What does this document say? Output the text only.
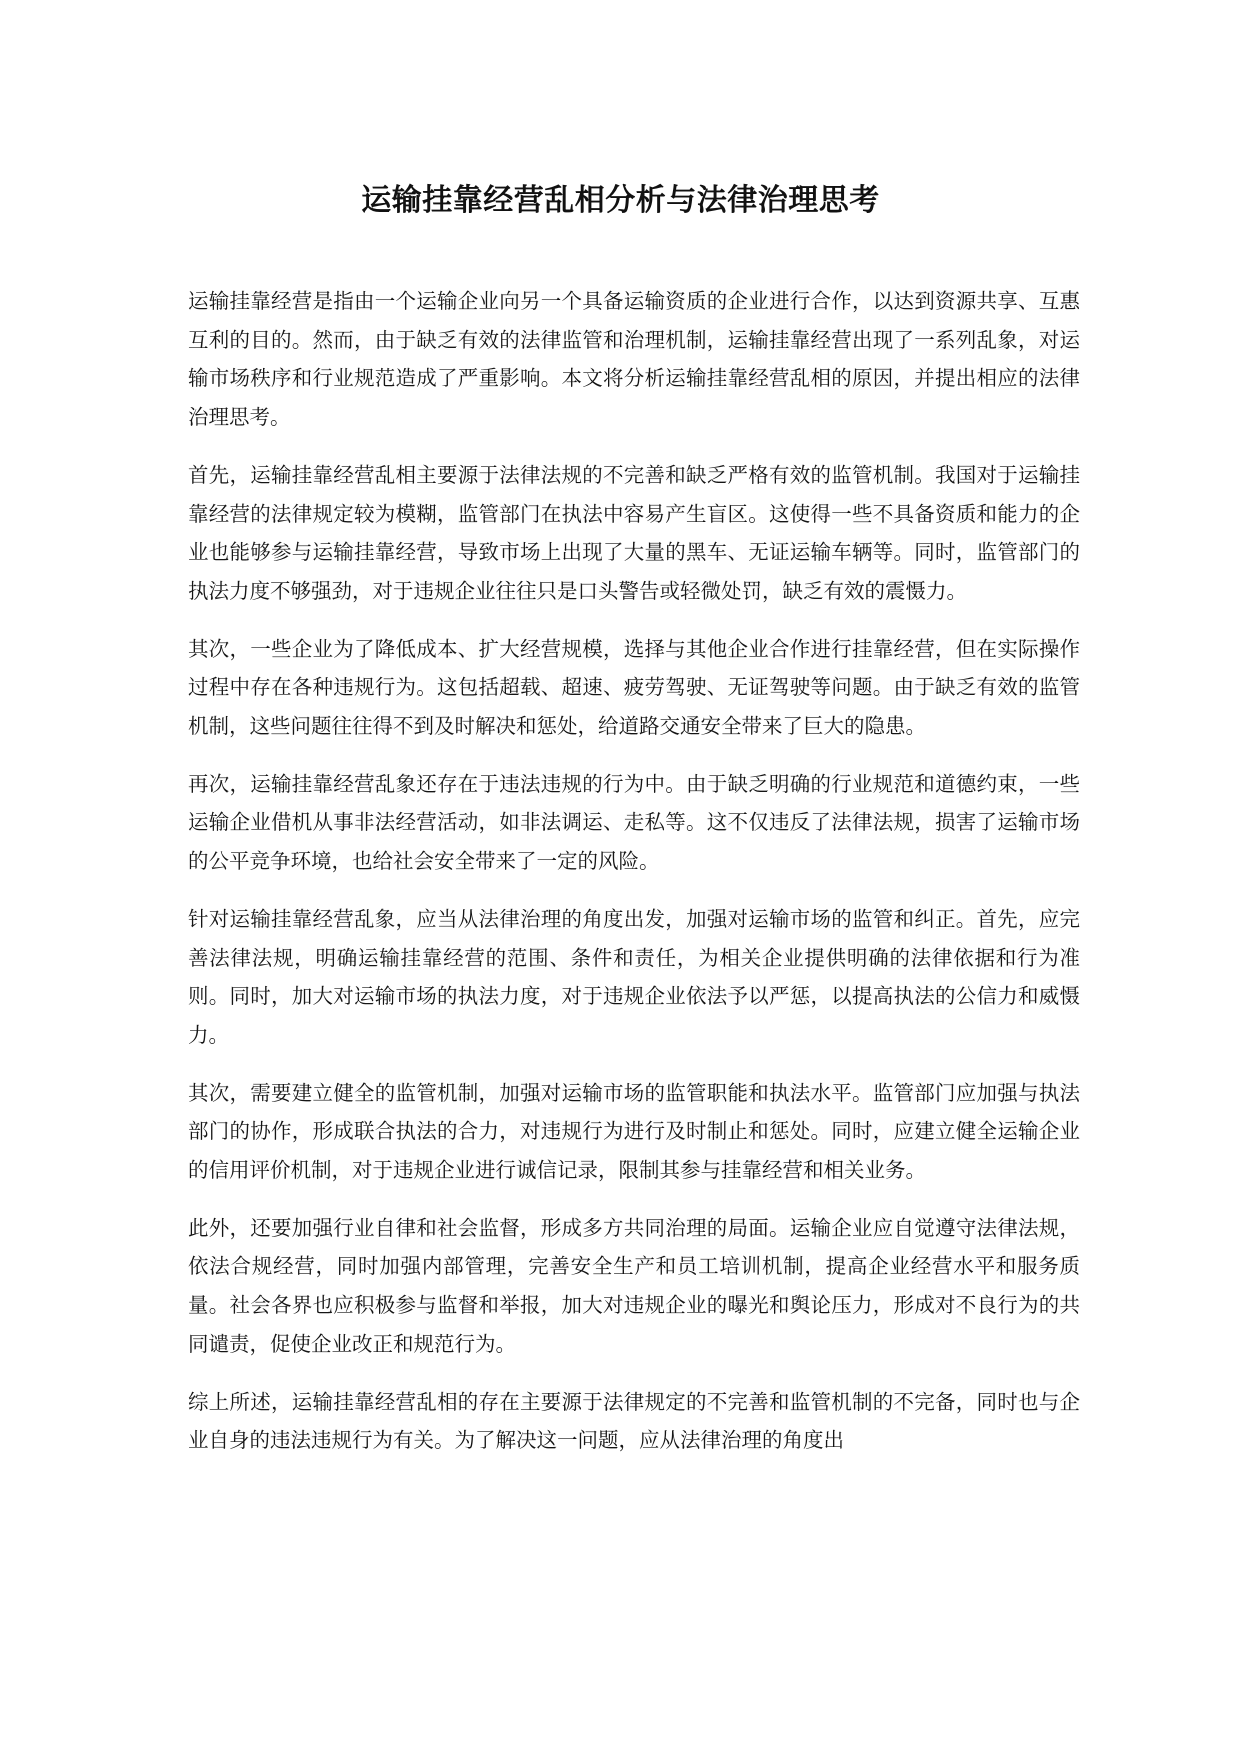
运输挂靠经营乱相分析与法律治理思考

运输挂靠经营是指由一个运输企业向另一个具备运输资质的企业进行合作，以达到资源共享、互惠互利的目的。然而，由于缺乏有效的法律监管和治理机制，运输挂靠经营出现了一系列乱象，对运输市场秩序和行业规范造成了严重影响。本文将分析运输挂靠经营乱相的原因，并提出相应的法律治理思考。

首先，运输挂靠经营乱相主要源于法律法规的不完善和缺乏严格有效的监管机制。我国对于运输挂靠经营的法律规定较为模糊，监管部门在执法中容易产生盲区。这使得一些不具备资质和能力的企业也能够参与运输挂靠经营，导致市场上出现了大量的黑车、无证运输车辆等。同时，监管部门的执法力度不够强劲，对于违规企业往往只是口头警告或轻微处罚，缺乏有效的震慑力。

其次，一些企业为了降低成本、扩大经营规模，选择与其他企业合作进行挂靠经营，但在实际操作过程中存在各种违规行为。这包括超载、超速、疲劳驾驶、无证驾驶等问题。由于缺乏有效的监管机制，这些问题往往得不到及时解决和惩处，给道路交通安全带来了巨大的隐患。

再次，运输挂靠经营乱象还存在于违法违规的行为中。由于缺乏明确的行业规范和道德约束，一些运输企业借机从事非法经营活动，如非法调运、走私等。这不仅违反了法律法规，损害了运输市场的公平竞争环境，也给社会安全带来了一定的风险。

针对运输挂靠经营乱象，应当从法律治理的角度出发，加强对运输市场的监管和纠正。首先，应完善法律法规，明确运输挂靠经营的范围、条件和责任，为相关企业提供明确的法律依据和行为准则。同时，加大对运输市场的执法力度，对于违规企业依法予以严惩，以提高执法的公信力和威慑力。

其次，需要建立健全的监管机制，加强对运输市场的监管职能和执法水平。监管部门应加强与执法部门的协作，形成联合执法的合力，对违规行为进行及时制止和惩处。同时，应建立健全运输企业的信用评价机制，对于违规企业进行诚信记录，限制其参与挂靠经营和相关业务。

此外，还要加强行业自律和社会监督，形成多方共同治理的局面。运输企业应自觉遵守法律法规，依法合规经营，同时加强内部管理，完善安全生产和员工培训机制，提高企业经营水平和服务质量。社会各界也应积极参与监督和举报，加大对违规企业的曝光和舆论压力，形成对不良行为的共同谴责，促使企业改正和规范行为。

综上所述，运输挂靠经营乱相的存在主要源于法律规定的不完善和监管机制的不完备，同时也与企业自身的违法违规行为有关。为了解决这一问题，应从法律治理的角度出
